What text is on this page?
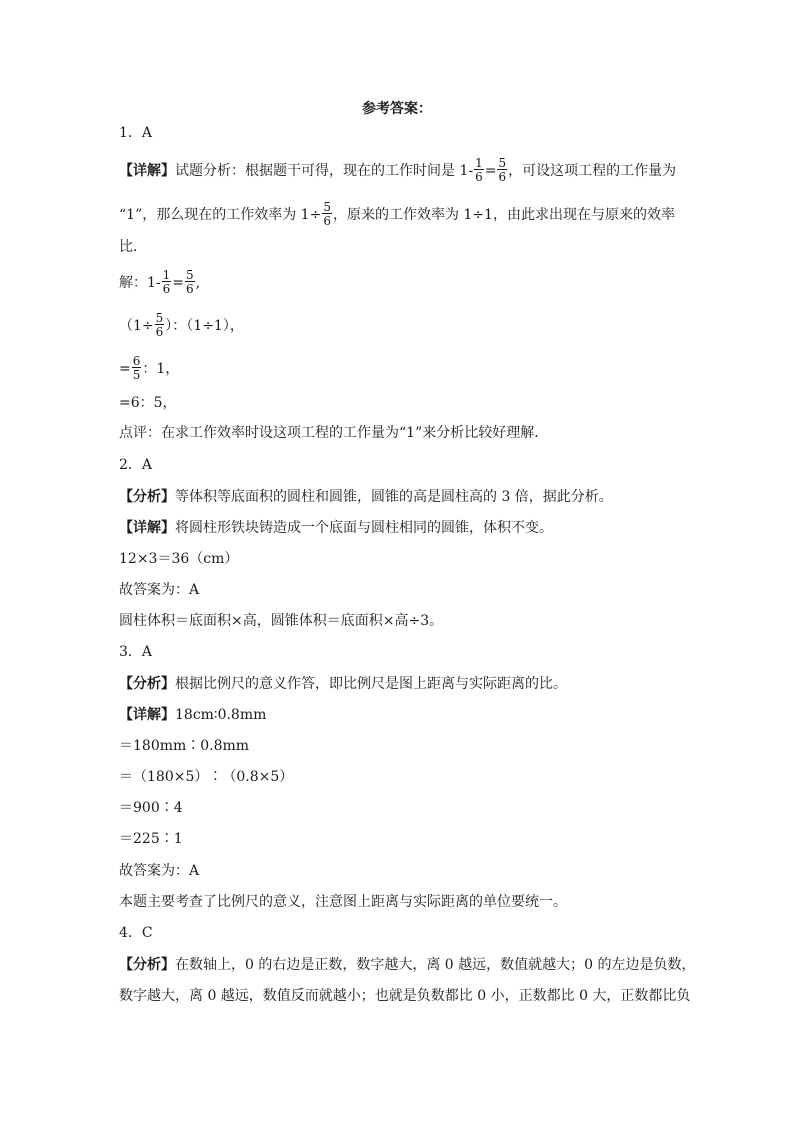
参考答案：
1．A
【详解】试题分析：根据题干可得，现在的工作时间是 $1- \frac{1}{6} = \frac{5}{6}$ ，可设这项工程的工作量为
“1”，那么现在的工作效率为 $1\div \frac{5}{6}$ ，原来的工作效率为 1÷1，由此求出现在与原来的效率
比．
解：$1- \frac{1}{6} = \frac{5}{6}$ ,
（$1\div \frac{5}{6}$ ）：（1÷1），
= $\frac{6}{5}$ ：1，
=6：5，
点评：在求工作效率时设这项工程的工作量为“1”来分析比较好理解．
2．A
【分析】等体积等底面积的圆柱和圆锥，圆锥的高是圆柱高的 3 倍，据此分析。
【详解】将圆柱形铁块铸造成一个底面与圆柱相同的圆锥，体积不变。
12×3＝36（cm）
故答案为：A
圆柱体积＝底面积×高，圆锥体积＝底面积×高÷3。
3．A
【分析】根据比例尺的意义作答，即比例尺是图上距离与实际距离的比。
【详解】18cm∶0.8mm
＝180mm∶0.8mm
＝（180×5）∶（0.8×5）
＝900∶4
＝225∶1
故答案为：A
本题主要考查了比例尺的意义，注意图上距离与实际距离的单位要统一。
4．C
【分析】在数轴上，0 的右边是正数，数字越大，离 0 越远，数值就越大；0 的左边是负数，
数字越大，离 0 越远，数值反而就越小；也就是负数都比 0 小，正数都比 0 大，正数都比负
